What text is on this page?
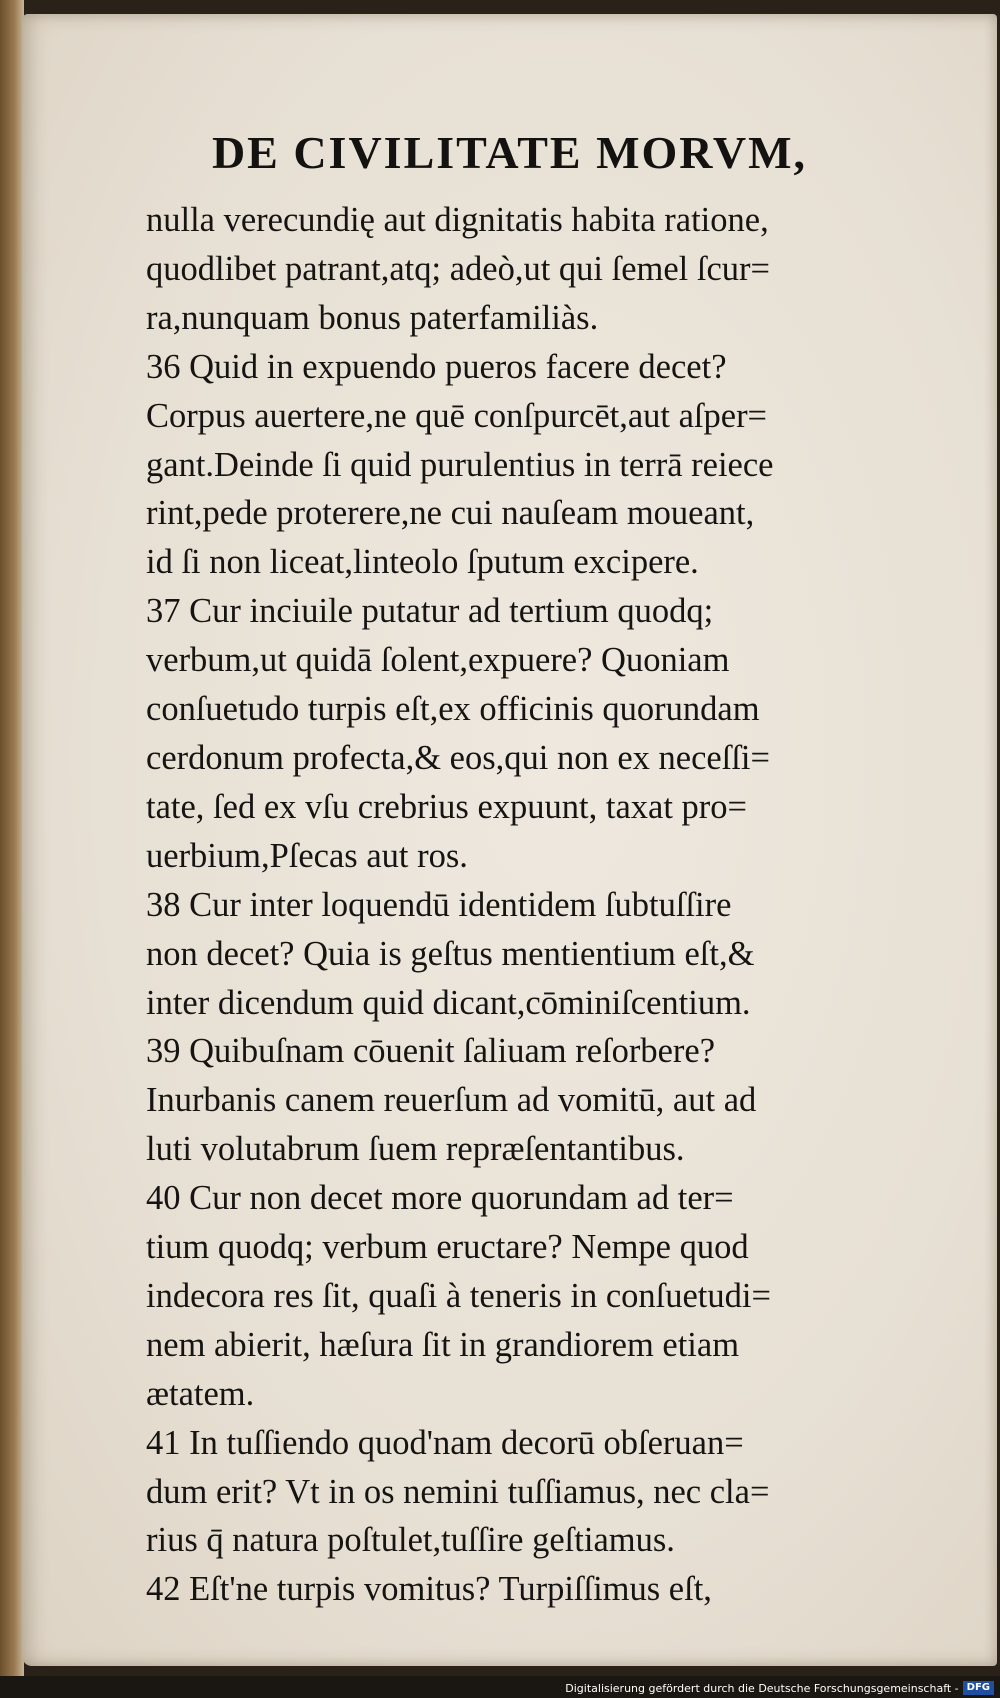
DE CIVILITATE MORVM,

nulla verecundię aut dignitatis habita ratione,
quodlibet patrant,atq; adeò,ut qui ſemel ſcur=
ra,nunquam bonus paterfamiliàs.
36 Quid in expuendo pueros facere decet?
Corpus auertere,ne quē conſpurcēt,aut aſper=
gant.Deinde ſi quid purulentius in terrā reiece
rint,pede proterere,ne cui nauſeam moueant,
id ſi non liceat,linteolo ſputum excipere.
37 Cur inciuile putatur ad tertium quodq;
verbum,ut quidā ſolent,expuere? Quoniam
conſuetudo turpis eſt,ex officinis quorundam
cerdonum profecta,& eos,qui non ex neceſſi=
tate, ſed ex vſu crebrius expuunt, taxat pro=
uerbium,Pſecas aut ros.
38 Cur inter loquendū identidem ſubtuſſire
non decet? Quia is geſtus mentientium eſt,&
inter dicendum quid dicant,cōminiſcentium.
39 Quibuſnam cōuenit ſaliuam reſorbere?
Inurbanis canem reuerſum ad vomitū, aut ad
luti volutabrum ſuem repræſentantibus.
40 Cur non decet more quorundam ad ter=
tium quodq; verbum eructare? Nempe quod
indecora res ſit, quaſi à teneris in conſuetudi=
nem abierit, hæſura ſit in grandiorem etiam
ætatem.
41 In tuſſiendo quod'nam decorū obſeruan=
dum erit? Vt in os nemini tuſſiamus, nec cla=
rius q̄ natura poſtulet,tuſſire geſtiamus.
42 Eſt'ne turpis vomitus? Turpiſſimus eſt,

Digitalisierung gefördert durch die Deutsche Forschungsgemeinschaft - DFG
